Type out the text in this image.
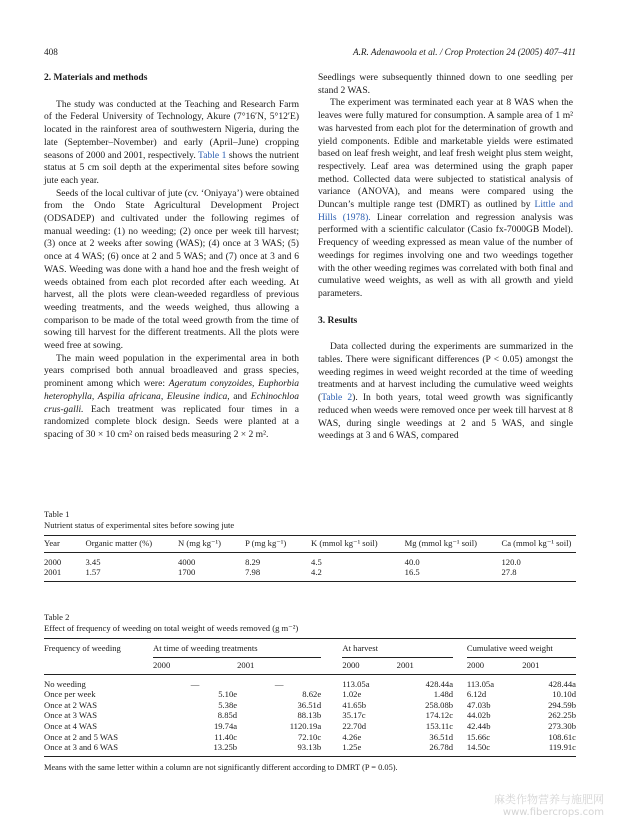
408	A.R. Adenawoola et al. / Crop Protection 24 (2005) 407–411
2. Materials and methods

The study was conducted at the Teaching and Research Farm of the Federal University of Technology, Akure (7°16′N, 5°12′E) located in the rainforest area of southwestern Nigeria, during the late (September–November) and early (April–June) cropping seasons of 2000 and 2001, respectively. Table 1 shows the nutrient status at 5 cm soil depth at the experimental sites before sowing jute each year.

Seeds of the local cultivar of jute (cv. ‘Oniyaya’) were obtained from the Ondo State Agricultural Development Project (ODSADEP) and cultivated under the following regimes of manual weeding: (1) no weeding; (2) once per week till harvest; (3) once at 2 weeks after sowing (WAS); (4) once at 3 WAS; (5) once at 4 WAS; (6) once at 2 and 5 WAS; and (7) once at 3 and 6 WAS. Weeding was done with a hand hoe and the fresh weight of weeds obtained from each plot recorded after each weeding. At harvest, all the plots were clean-weeded regardless of previous weeding treatments, and the weeds weighed, thus allowing a comparison to be made of the total weed growth from the time of sowing till harvest for the different treatments. All the plots were weed free at sowing.

The main weed population in the experimental area in both years comprised both annual broadleaved and grass species, prominent among which were: Ageratum conyzoides, Euphorbia heterophylla, Aspilia africana, Eleusine indica, and Echinochloa crus-galli. Each treatment was replicated four times in a randomized complete block design. Seeds were planted at a spacing of 30 × 10 cm² on raised beds measuring 2 × 2 m².

Seedlings were subsequently thinned down to one seedling per stand 2 WAS.

The experiment was terminated each year at 8 WAS when the leaves were fully matured for consumption. A sample area of 1 m² was harvested from each plot for the determination of growth and yield components. Edible and marketable yields were estimated based on leaf fresh weight, and leaf fresh weight plus stem weight, respectively. Leaf area was determined using the graph paper method. Collected data were subjected to statistical analysis of variance (ANOVA), and means were compared using the Duncan’s multiple range test (DMRT) as outlined by Little and Hills (1978). Linear correlation and regression analysis was performed with a scientific calculator (Casio fx-7000GB Model). Frequency of weeding expressed as mean value of the number of weedings for regimes involving one and two weedings together with the other weeding regimes was correlated with both final and cumulative weed weights, as well as with all growth and yield parameters.

3. Results

Data collected during the experiments are summarized in the tables. There were significant differences (P < 0.05) amongst the weeding regimes in weed weight recorded at the time of weeding treatments and at harvest including the cumulative weed weights (Table 2). In both years, total weed growth was significantly reduced when weeds were removed once per week till harvest at 8 WAS, during single weedings at 2 and 5 WAS, and single weedings at 3 and 6 WAS, compared

Table 1
Nutrient status of experimental sites before sowing jute
Year	Organic matter (%)	N (mg kg⁻¹)	P (mg kg⁻¹)	K (mmol kg⁻¹ soil)	Mg (mmol kg⁻¹ soil)	Ca (mmol kg⁻¹ soil)
2000	3.45	4000	8.29	4.5	40.0	120.0
2001	1.57	1700	7.98	4.2	16.5	27.8
Table 2
Effect of frequency of weeding on total weight of weeds removed (g m⁻²)
Frequency of weeding	At time of weeding treatments			At harvest			Cumulative weed weight	
	2000	2001		2000	2001		2000	2001
No weeding	—	—		113.05a	428.44a		113.05a	428.44a
Once per week	5.10e	8.62e		1.02e	1.48d		6.12d	10.10d
Once at 2 WAS	5.38e	36.51d		41.65b	258.08b		47.03b	294.59b
Once at 3 WAS	8.85d	88.13b		35.17c	174.12c		44.02b	262.25b
Once at 4 WAS	19.74a	1120.19a		22.70d	153.11c		42.44b	273.30b
Once at 2 and 5 WAS	11.40c	72.10c		4.26e	36.51d		15.66c	108.61c
Once at 3 and 6 WAS	13.25b	93.13b		1.25e	26.78d		14.50c	119.91c
Means with the same letter within a column are not significantly different according to DMRT (P = 0.05).
麻类作物营养与施肥网
www.fibercrops.com
